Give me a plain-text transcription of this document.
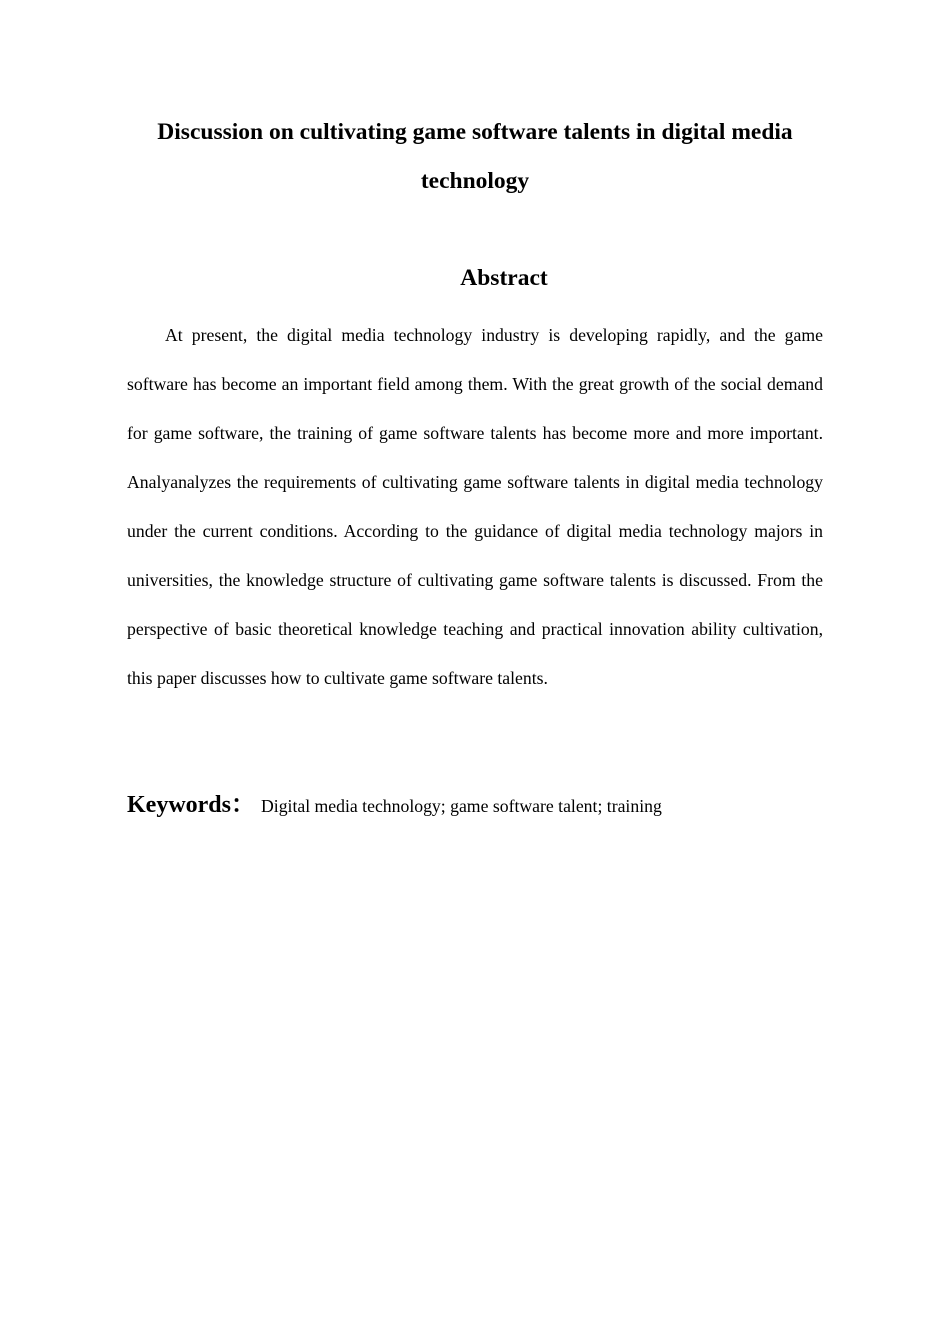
Discussion on cultivating game software talents in digital media technology
Abstract

At present, the digital media technology industry is developing rapidly, and the game software has become an important field among them. With the great growth of the social demand for game software, the training of game software talents has become more and more important. Analyanalyzes the requirements of cultivating game software talents in digital media technology under the current conditions. According to the guidance of digital media technology majors in universities, the knowledge structure of cultivating game software talents is discussed. From the perspective of basic theoretical knowledge teaching and practical innovation ability cultivation, this paper discusses how to cultivate game software talents.

Keywords： Digital media technology; game software talent; training
